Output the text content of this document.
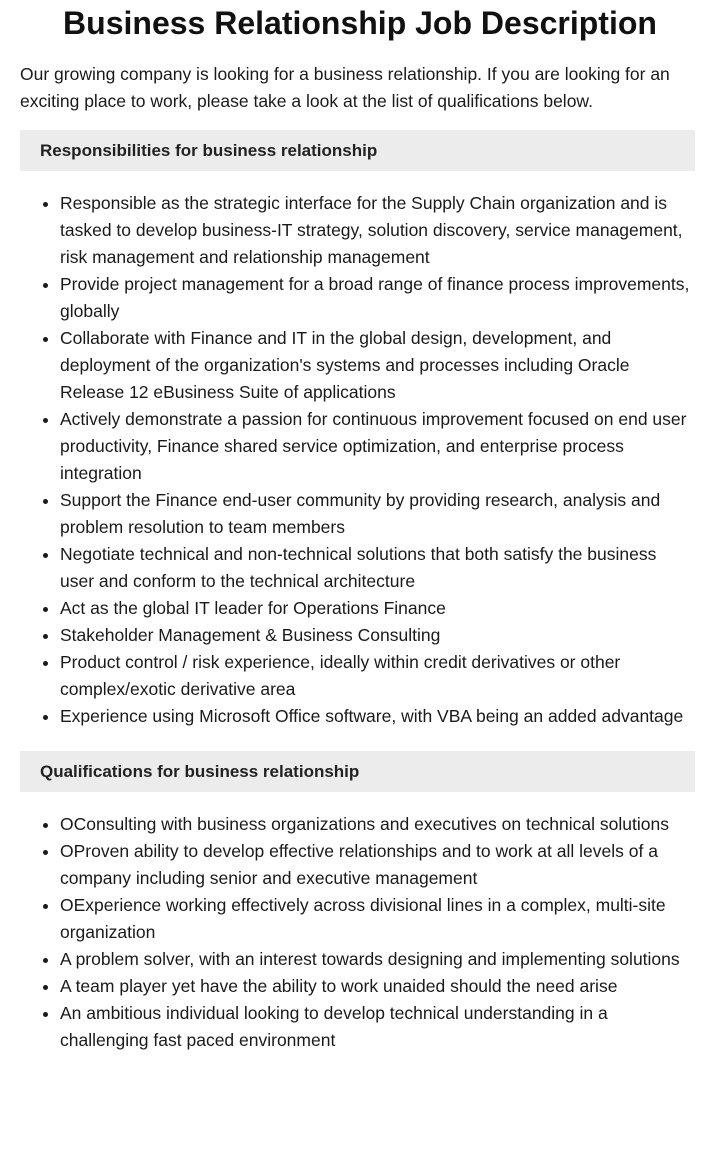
Business Relationship Job Description

Our growing company is looking for a business relationship. If you are looking for an exciting place to work, please take a look at the list of qualifications below.

Responsibilities for business relationship
• Responsible as the strategic interface for the Supply Chain organization and is tasked to develop business-IT strategy, solution discovery, service management, risk management and relationship management
• Provide project management for a broad range of finance process improvements, globally
• Collaborate with Finance and IT in the global design, development, and deployment of the organization's systems and processes including Oracle Release 12 eBusiness Suite of applications
• Actively demonstrate a passion for continuous improvement focused on end user productivity, Finance shared service optimization, and enterprise process integration
• Support the Finance end-user community by providing research, analysis and problem resolution to team members
• Negotiate technical and non-technical solutions that both satisfy the business user and conform to the technical architecture
• Act as the global IT leader for Operations Finance
• Stakeholder Management & Business Consulting
• Product control / risk experience, ideally within credit derivatives or other complex/exotic derivative area
• Experience using Microsoft Office software, with VBA being an added advantage
Qualifications for business relationship
• OConsulting with business organizations and executives on technical solutions
• OProven ability to develop effective relationships and to work at all levels of a company including senior and executive management
• OExperience working effectively across divisional lines in a complex, multi-site organization
• A problem solver, with an interest towards designing and implementing solutions
• A team player yet have the ability to work unaided should the need arise
• An ambitious individual looking to develop technical understanding in a challenging fast paced environment
